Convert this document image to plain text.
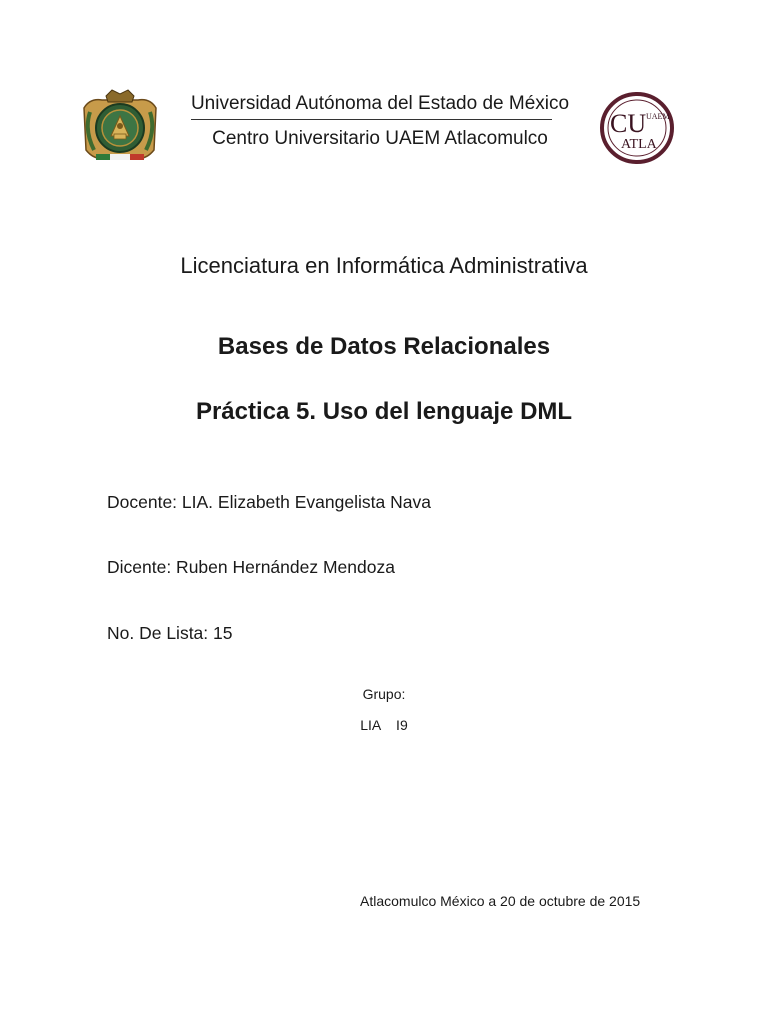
CU UAEM
ATLA
Universidad Autónoma del Estado de México
Centro Universitario UAEM Atlacomulco
Licenciatura en Informática Administrativa
Bases de Datos Relacionales
Práctica 5. Uso del lenguaje DML
Docente: LIA. Elizabeth Evangelista Nava
Dicente: Ruben Hernández Mendoza
No. De Lista: 15
Grupo:
LIA    I9
Atlacomulco México a 20 de octubre de 2015
